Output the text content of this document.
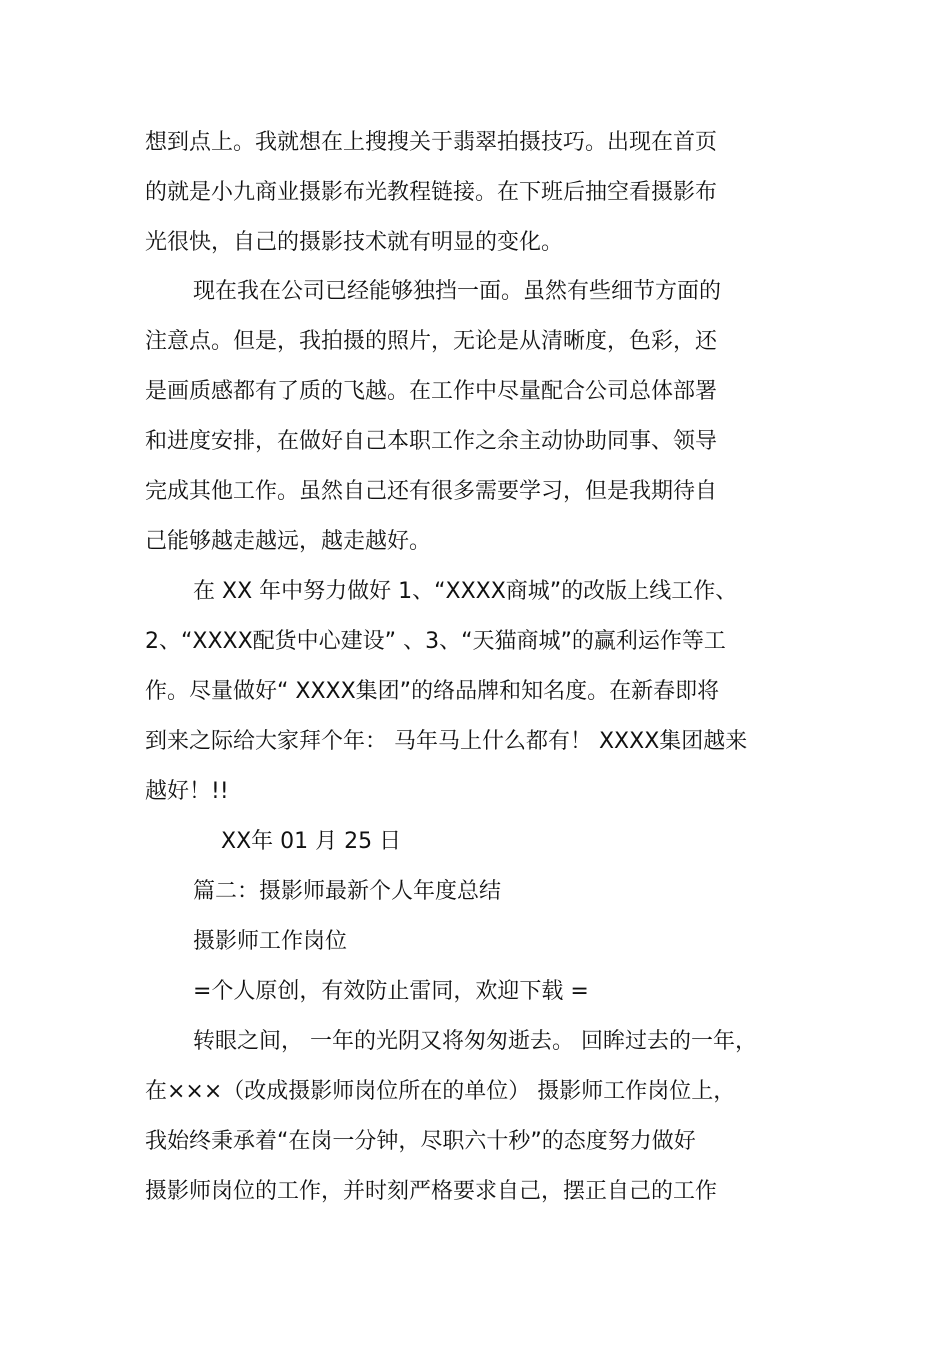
想到点上。我就想在上搜搜关于翡翠拍摄技巧。出现在首页
的就是小九商业摄影布光教程链接。在下班后抽空看摄影布
光很快，自己的摄影技术就有明显的变化。
现在我在公司已经能够独挡一面。虽然有些细节方面的
注意点。但是，我拍摄的照片，无论是从清晰度，色彩，还
是画质感都有了质的飞越。在工作中尽量配合公司总体部署
和进度安排，在做好自己本职工作之余主动协助同事、领导
完成其他工作。虽然自己还有很多需要学习，但是我期待自
己能够越走越远，越走越好。
在 XX 年中努力做好 1、“XXXX商城”的改版上线工作、
2、“XXXX配货中心建设” 、3、“天猫商城”的赢利运作等工
作。尽量做好“ XXXX集团”的络品牌和知名度。在新春即将
到来之际给大家拜个年： 马年马上什么都有！ XXXX集团越来
越好！!!
XX年 01 月 25 日
篇二：摄影师最新个人年度总结
摄影师工作岗位
=个人原创，有效防止雷同，欢迎下载 =
转眼之间， 一年的光阴又将匆匆逝去。 回眸过去的一年，
在×××（改成摄影师岗位所在的单位） 摄影师工作岗位上，
我始终秉承着“在岗一分钟，尽职六十秒”的态度努力做好
摄影师岗位的工作，并时刻严格要求自己，摆正自己的工作
